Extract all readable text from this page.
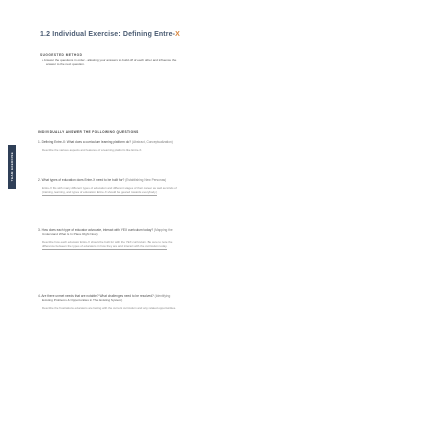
1.2 Individual Exercise: Defining Entre-X
SUGGESTED METHOD
• Answer the questions in order - allowing your answers to build off of each other and influence the
answer to the next question.
TEAM EXERCISE
INDIVIDUALLY ANSWER THE FOLLOWING QUESTIONS
1. Defining Entre-X: What does a curriculum learning platform do? (Abstract, Conceptualization)
Describe the various aspects and features of a learning platform like Entre-X.
2. What types of education does Entre-X need to be built for? (Establishing New Personas)
Entre-X fits with many different types of education and different stages of their career as well as kinds of
(training, learning, and types of education Entre-X should be geared towards everybody.)
3. How does each type of educator advocate, interact with YEX curriculum today? (Mapping the
Understand What Is In Place Right Now)
Describe how each educator Entre-X should be built for with the YEX curriculum. Be sure to note the
difference between the types of educators in how they are and interact with the curriculum today.
4. Are there unmet needs that are notable? What challenges need to be resolved? (Identifying
Existing Problems & Opportunities in The Existing System)
Describe the frustrations educators are facing with the current curriculum and any related opportunities.
